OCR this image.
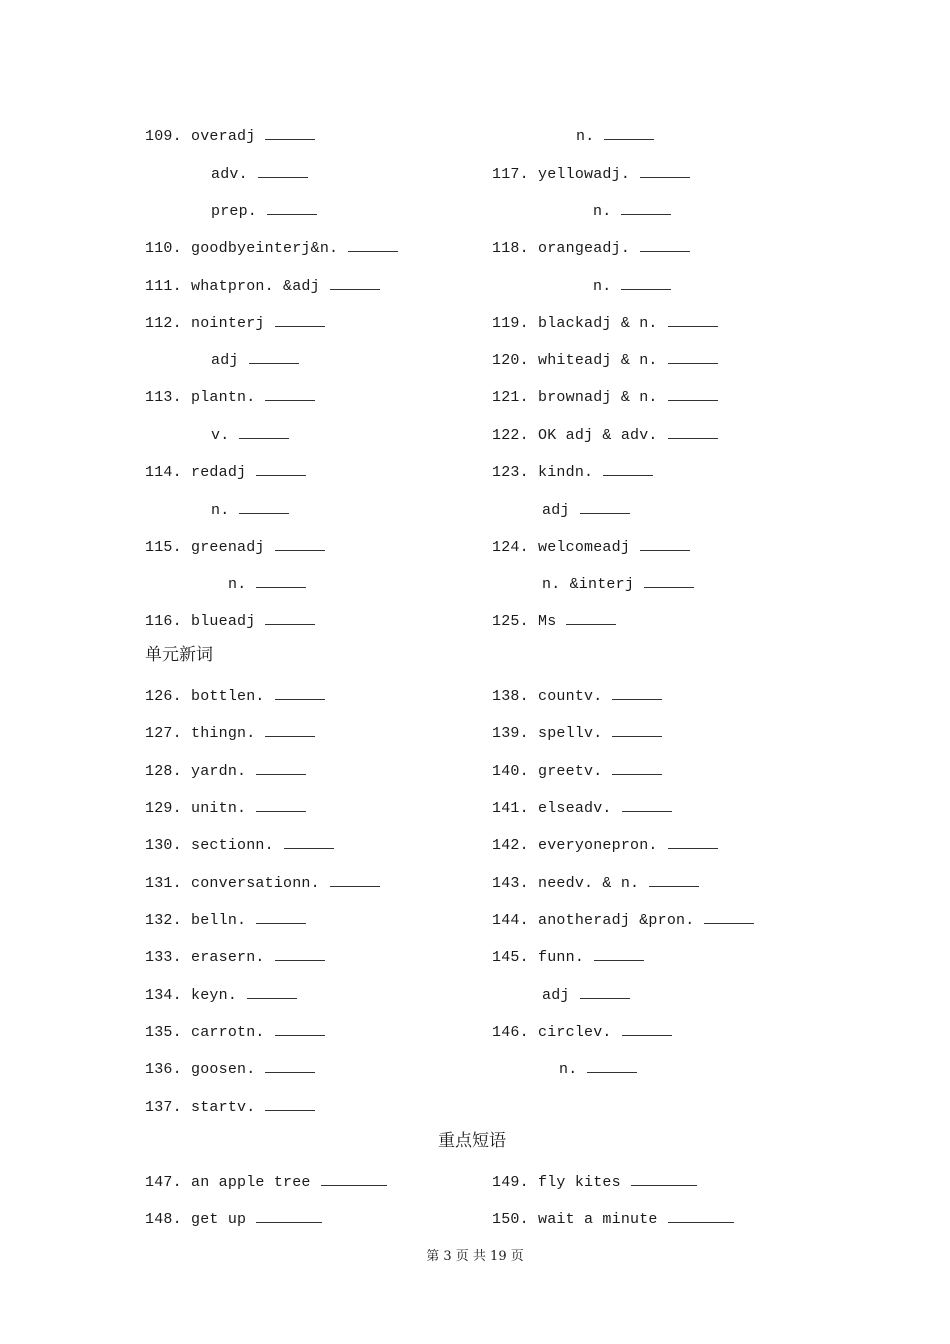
109. overadj
adv.
prep.
110. goodbyeinterj&n.
111. whatpron. &adj
112. nointerj
adj
113. plantn.
v.
114. redadj
n.
115. greenadj
n.
116. blueadj
n.
117. yellowadj.
n.
118. orangeadj.
n.
119. blackadj & n.
120. whiteadj & n.
121. brownadj & n.
122. OK adj & adv.
123. kindn.
adj
124. welcomeadj
n. &interj
125. Ms
单元新词
126. bottlen.
127. thingn.
128. yardn.
129. unitn.
130. sectionn.
131. conversationn.
132. belln.
133. erasern.
134. keyn.
135. carrotn.
136. goosen.
137. startv.
138. countv.
139. spellv.
140. greetv.
141. elseadv.
142. everyonepron.
143. needv. & n.
144. anotheradj &pron.
145. funn.
adj
146. circlev.
n.
重点短语
147. an apple tree
148. get up
149. fly kites
150. wait a minute
第 3 页 共 19 页
